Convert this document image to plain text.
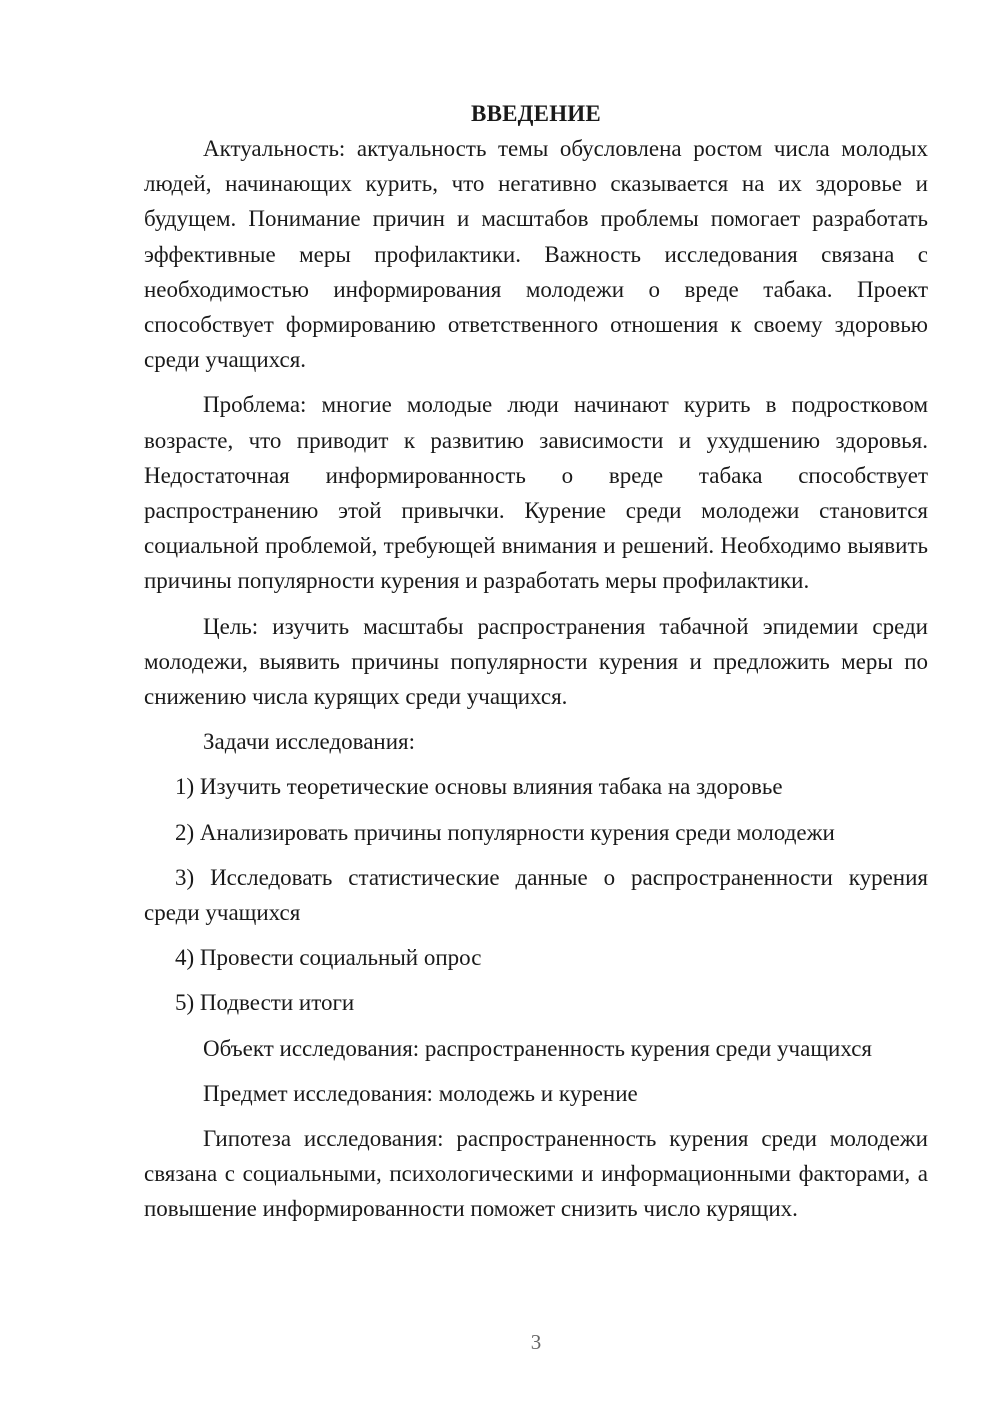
ВВЕДЕНИЕ

Актуальность: актуальность темы обусловлена ростом числа молодых людей, начинающих курить, что негативно сказывается на их здоровье и будущем. Понимание причин и масштабов проблемы помогает разработать эффективные меры профилактики. Важность исследования связана с необходимостью информирования молодежи о вреде табака. Проект способствует формированию ответственного отношения к своему здоровью среди учащихся.

Проблема: многие молодые люди начинают курить в подростковом возрасте, что приводит к развитию зависимости и ухудшению здоровья. Недостаточная информированность о вреде табака способствует распространению этой привычки. Курение среди молодежи становится социальной проблемой, требующей внимания и решений. Необходимо выявить причины популярности курения и разработать меры профилактики.

Цель: изучить масштабы распространения табачной эпидемии среди молодежи, выявить причины популярности курения и предложить меры по снижению числа курящих среди учащихся.

Задачи исследования:

1) Изучить теоретические основы влияния табака на здоровье

2) Анализировать причины популярности курения среди молодежи

3) Исследовать статистические данные о распространенности курения среди учащихся

4) Провести социальный опрос

5) Подвести итоги

Объект исследования: распространенность курения среди учащихся

Предмет исследования: молодежь и курение

Гипотеза исследования: распространенность курения среди молодежи связана с социальными, психологическими и информационными факторами, а повышение информированности поможет снизить число курящих.

3
